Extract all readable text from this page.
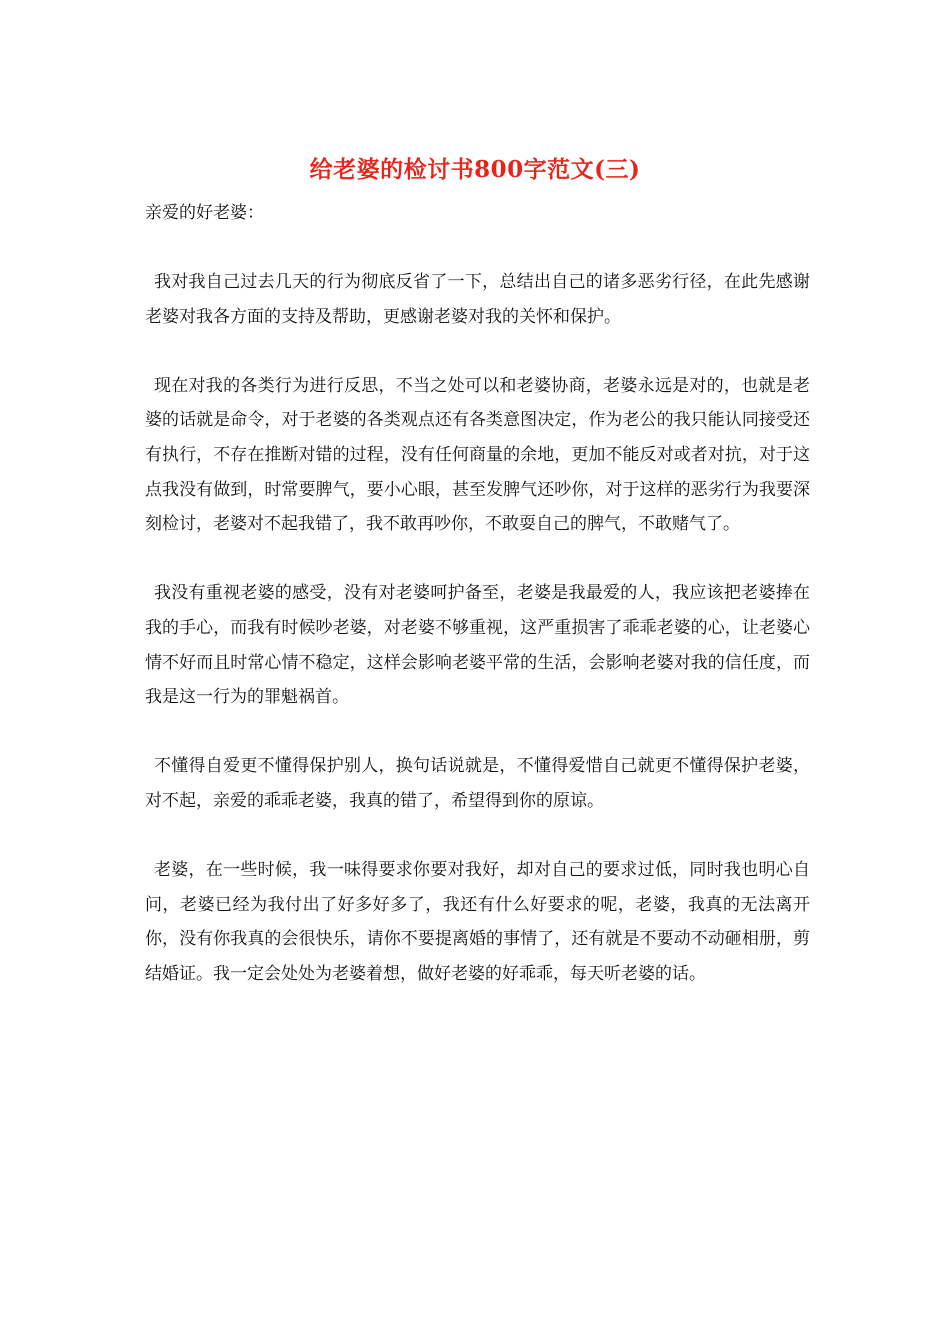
给老婆的检讨书800字范文(三)
亲爱的好老婆：

我对我自己过去几天的行为彻底反省了一下，总结出自己的诸多恶劣行径，在此先感谢老婆对我各方面的支持及帮助，更感谢老婆对我的关怀和保护。

现在对我的各类行为进行反思，不当之处可以和老婆协商，老婆永远是对的，也就是老婆的话就是命令，对于老婆的各类观点还有各类意图决定，作为老公的我只能认同接受还有执行，不存在推断对错的过程，没有任何商量的余地，更加不能反对或者对抗，对于这点我没有做到，时常要脾气，要小心眼，甚至发脾气还吵你，对于这样的恶劣行为我要深刻检讨，老婆对不起我错了，我不敢再吵你，不敢耍自己的脾气，不敢赌气了。

我没有重视老婆的感受，没有对老婆呵护备至，老婆是我最爱的人，我应该把老婆捧在我的手心，而我有时候吵老婆，对老婆不够重视，这严重损害了乖乖老婆的心，让老婆心情不好而且时常心情不稳定，这样会影响老婆平常的生活，会影响老婆对我的信任度，而我是这一行为的罪魁祸首。

不懂得自爱更不懂得保护别人，换句话说就是，不懂得爱惜自己就更不懂得保护老婆，对不起，亲爱的乖乖老婆，我真的错了，希望得到你的原谅。

老婆，在一些时候，我一味得要求你要对我好，却对自己的要求过低，同时我也明心自问，老婆已经为我付出了好多好多了，我还有什么好要求的呢，老婆，我真的无法离开你，没有你我真的会很快乐，请你不要提离婚的事情了，还有就是不要动不动砸相册，剪结婚证。我一定会处处为老婆着想，做好老婆的好乖乖，每天听老婆的话。
